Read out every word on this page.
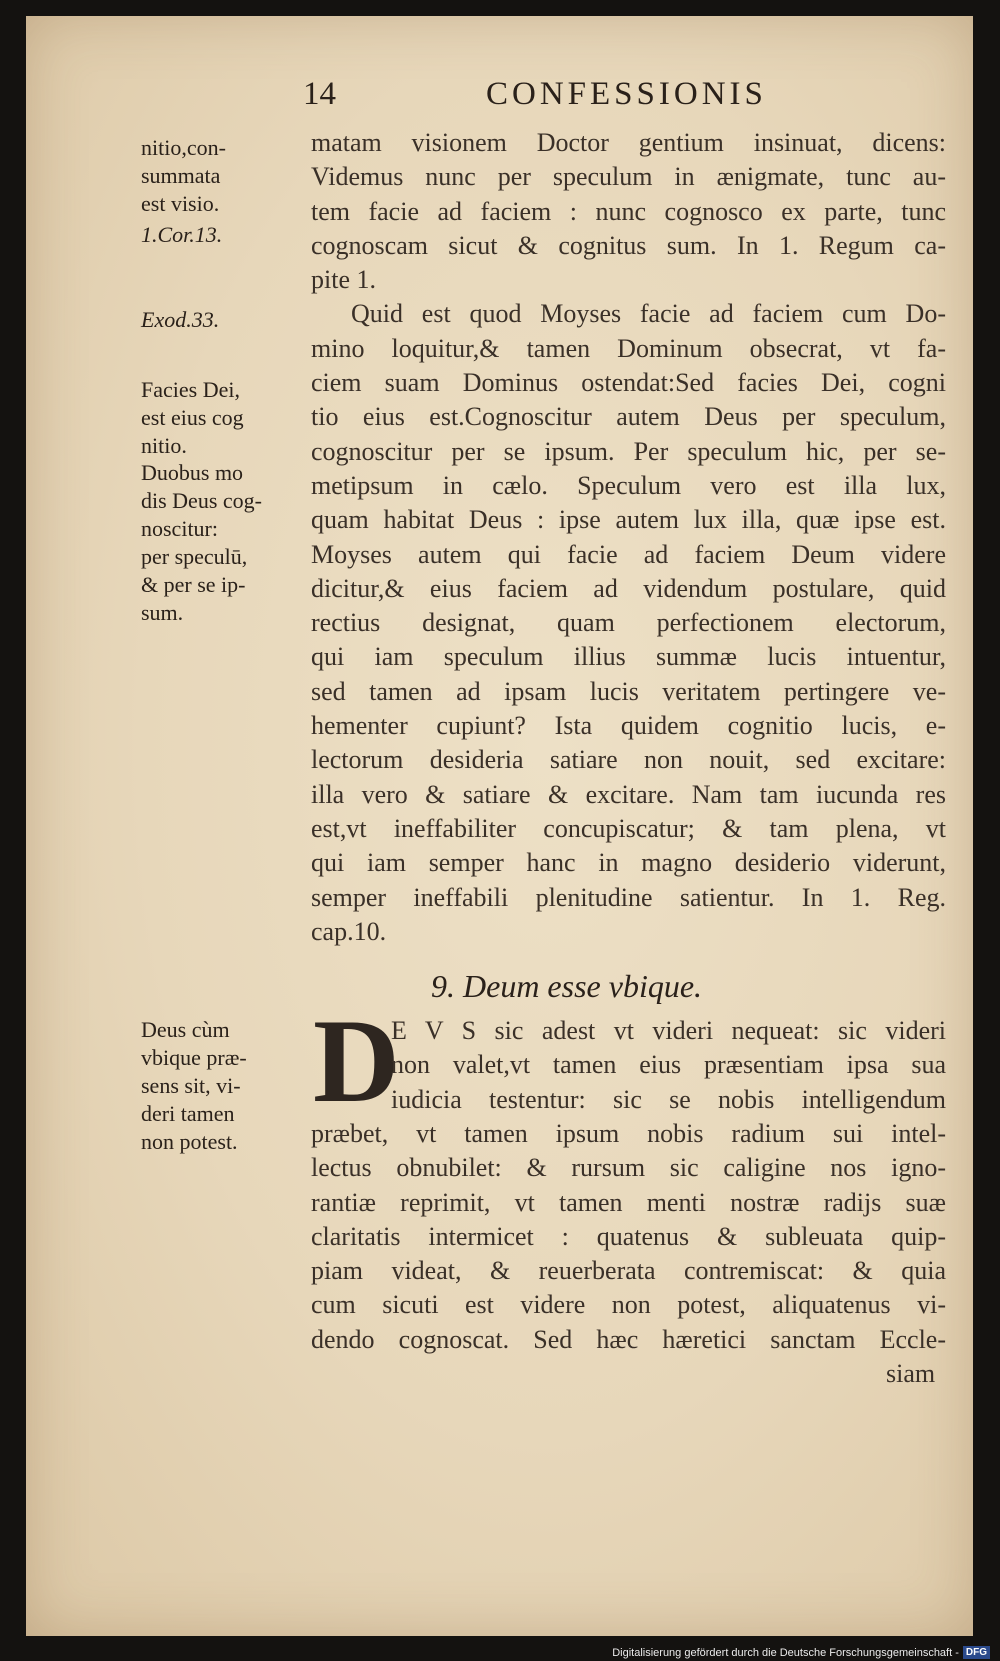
14	CONFESSIONIS
nitio,con-
summata
est visio.
1.Cor.13.
Exod.33.
Facies Dei,
est eius cog
nitio.
Duobus mo
dis Deus cog-
noscitur:
per speculū,
& per se ip-
sum.
Deus cùm
vbique præ-
sens sit, vi-
deri tamen
non potest.
matam visionem Doctor gentium insinuat, dicens:
Videmus nunc per speculum in ænigmate, tunc au-
tem facie ad faciem : nunc cognosco ex parte, tunc
cognoscam sicut & cognitus sum. In 1. Regum ca-
pite 1.
Quid est quod Moyses facie ad faciem cum Do-
mino loquitur,& tamen Dominum obsecrat, vt fa-
ciem suam Dominus ostendat:Sed facies Dei, cogni
tio eius est.Cognoscitur autem Deus per speculum,
cognoscitur per se ipsum. Per speculum hic, per se-
metipsum in cælo. Speculum vero est illa lux,
quam habitat Deus : ipse autem lux illa, quæ ipse est.
Moyses autem qui facie ad faciem Deum videre
dicitur,& eius faciem ad videndum postulare, quid
rectius designat, quam perfectionem electorum,
qui iam speculum illius summæ lucis intuentur,
sed tamen ad ipsam lucis veritatem pertingere ve-
hementer cupiunt? Ista quidem cognitio lucis, e-
lectorum desideria satiare non nouit, sed excitare:
illa vero & satiare & excitare. Nam tam iucunda res
est,vt ineffabiliter concupiscatur; & tam plena, vt
qui iam semper hanc in magno desiderio viderunt,
semper ineffabili plenitudine satientur. In 1. Reg.
cap.10.
9. Deum esse vbique.
D
E V S sic adest vt videri nequeat: sic videri
non valet,vt tamen eius præsentiam ipsa sua
iudicia testentur: sic se nobis intelligendum
præbet, vt tamen ipsum nobis radium sui intel-
lectus obnubilet: & rursum sic caligine nos igno-
rantiæ reprimit, vt tamen menti nostræ radijs suæ
claritatis intermicet : quatenus & subleuata quip-
piam videat, & reuerberata contremiscat: & quia
cum sicuti est videre non potest, aliquatenus vi-
dendo cognoscat. Sed hæc hæretici sanctam Eccle-
siam
Digitalisierung gefördert durch die Deutsche Forschungsgemeinschaft - DFG
